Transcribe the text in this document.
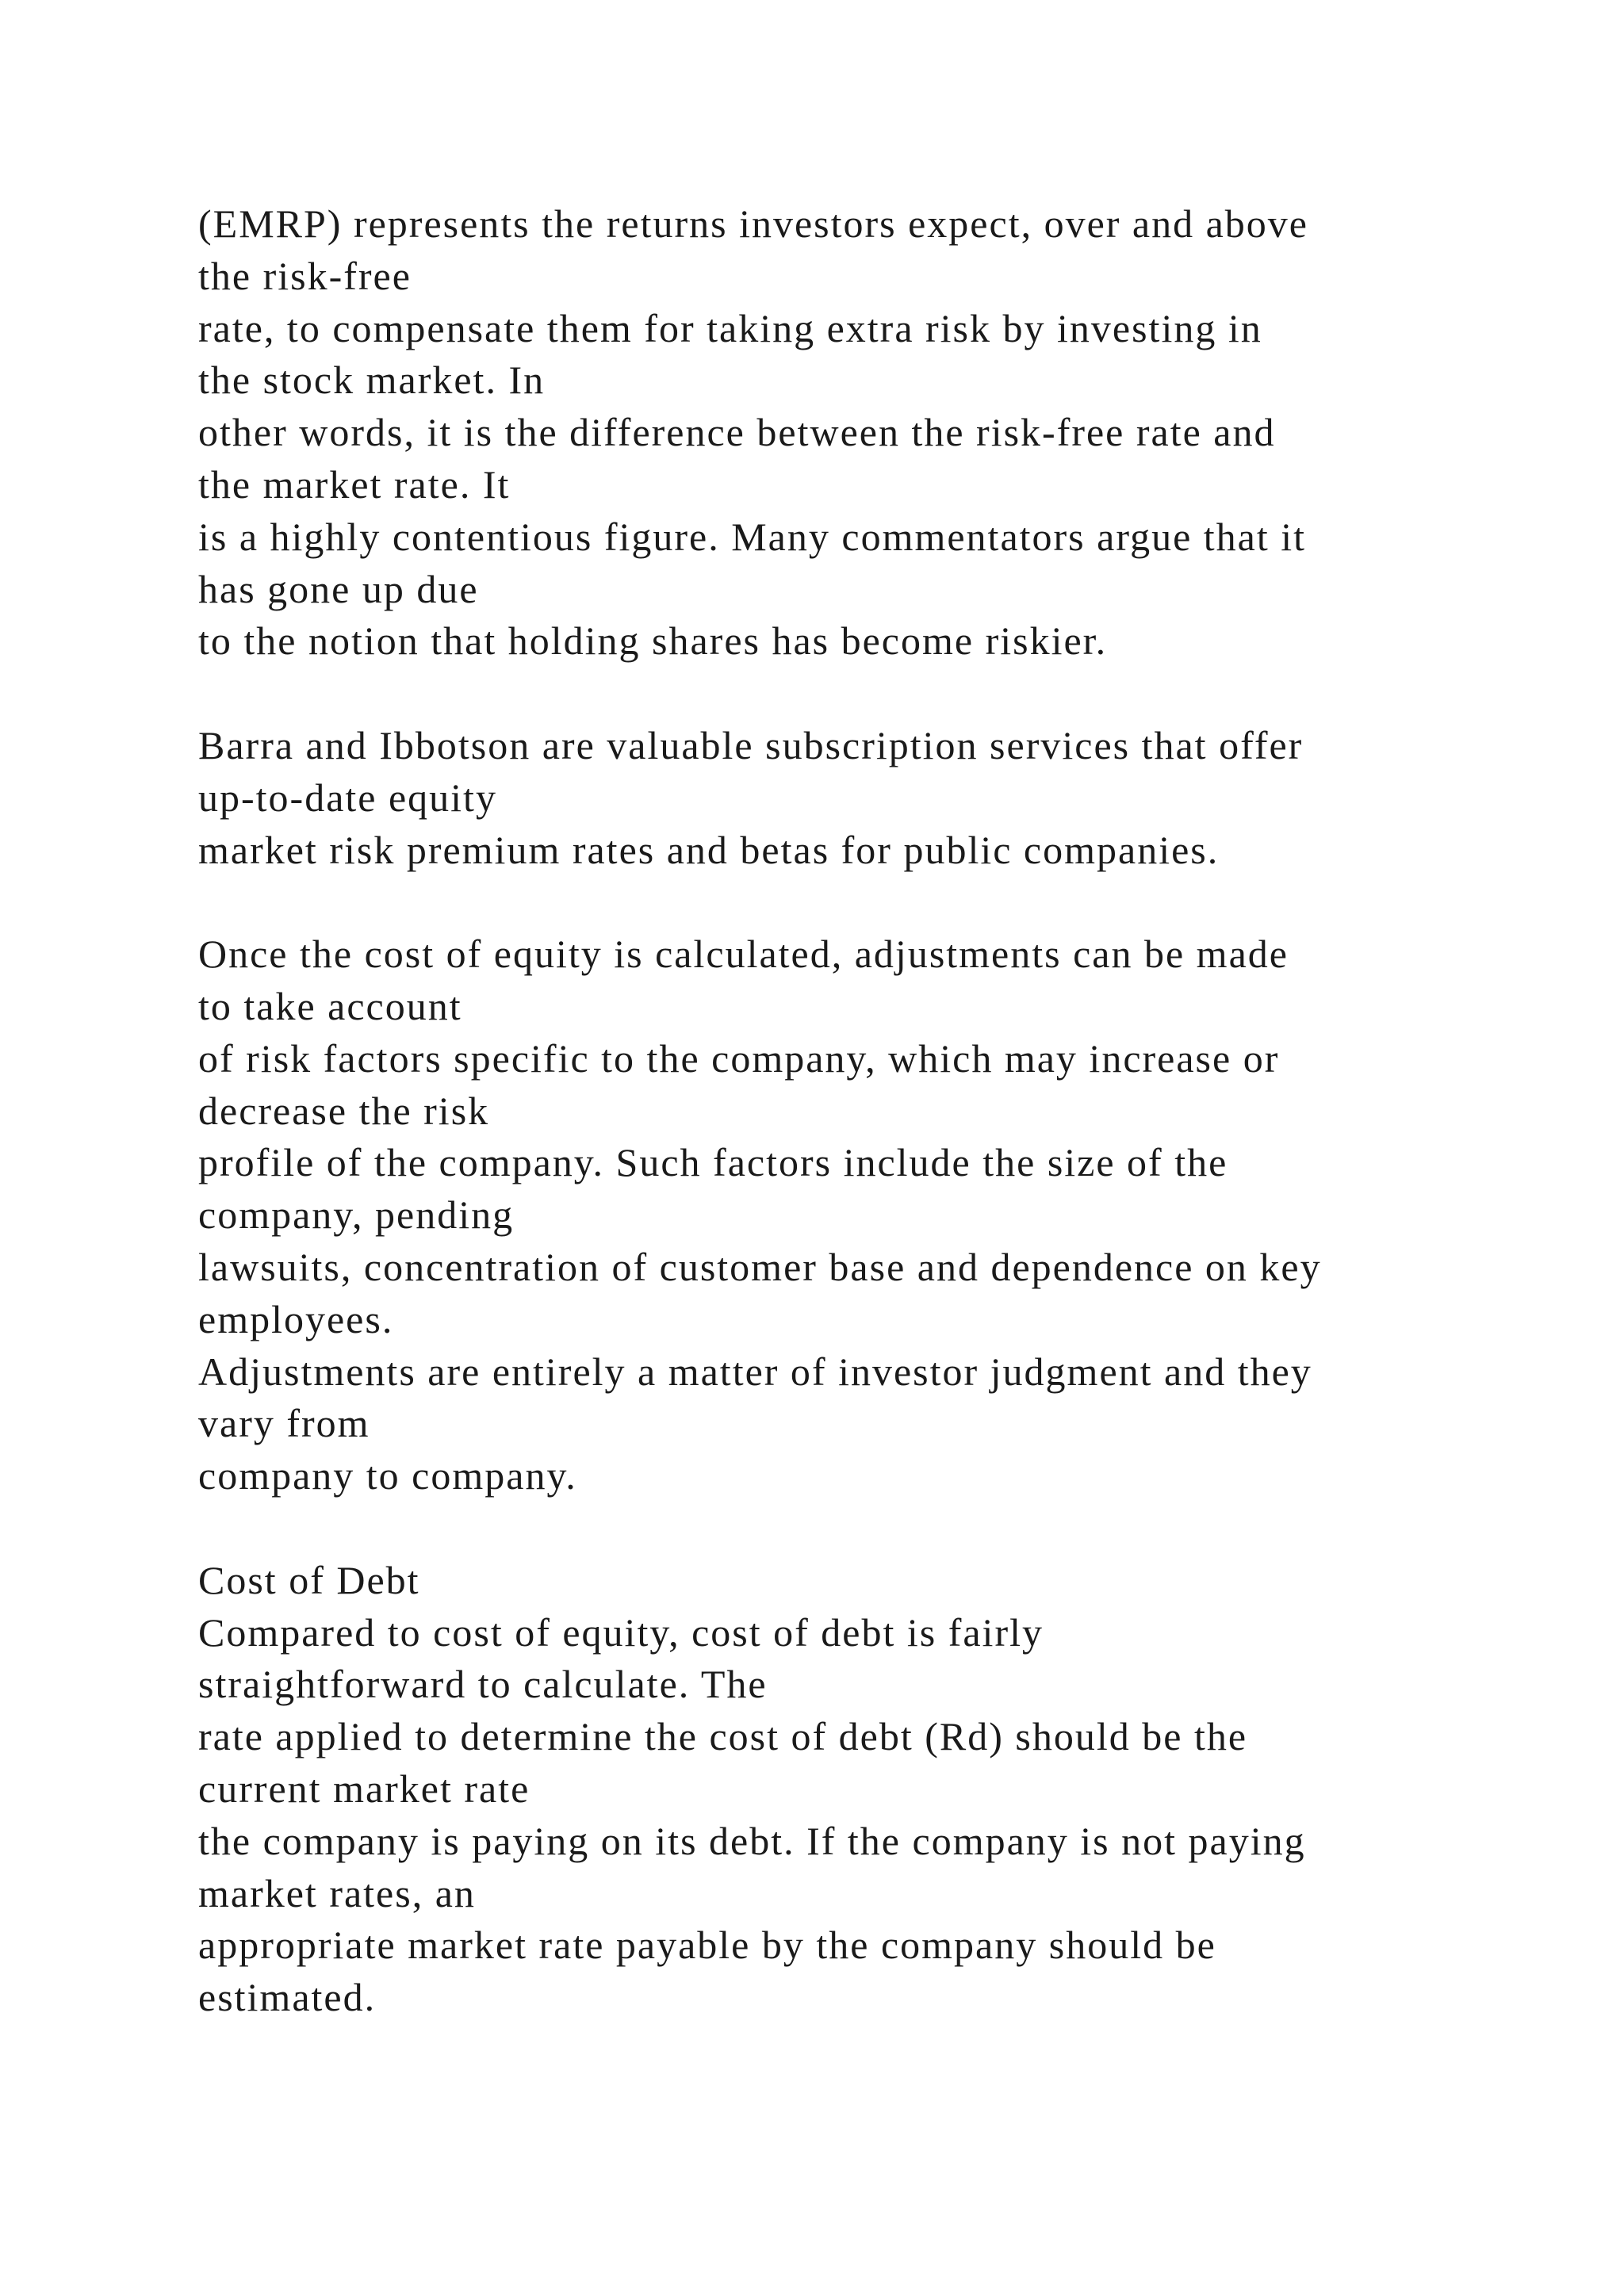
(EMRP) represents the returns investors expect, over and above
the risk-free
rate, to compensate them for taking extra risk by investing in
the stock market. In
other words, it is the difference between the risk-free rate and
the market rate. It
is a highly contentious figure. Many commentators argue that it
has gone up due
to the notion that holding shares has become riskier.
Barra and Ibbotson are valuable subscription services that offer
up-to-date equity
market risk premium rates and betas for public companies.
Once the cost of equity is calculated, adjustments can be made
to take account
of risk factors specific to the company, which may increase or
decrease the risk
profile of the company. Such factors include the size of the
company, pending
lawsuits, concentration of customer base and dependence on key
employees.
Adjustments are entirely a matter of investor judgment and they
vary from
company to company.
Cost of Debt
Compared to cost of equity, cost of debt is fairly
straightforward to calculate. The
rate applied to determine the cost of debt (Rd) should be the
current market rate
the company is paying on its debt. If the company is not paying
market rates, an
appropriate market rate payable by the company should be
estimated.
